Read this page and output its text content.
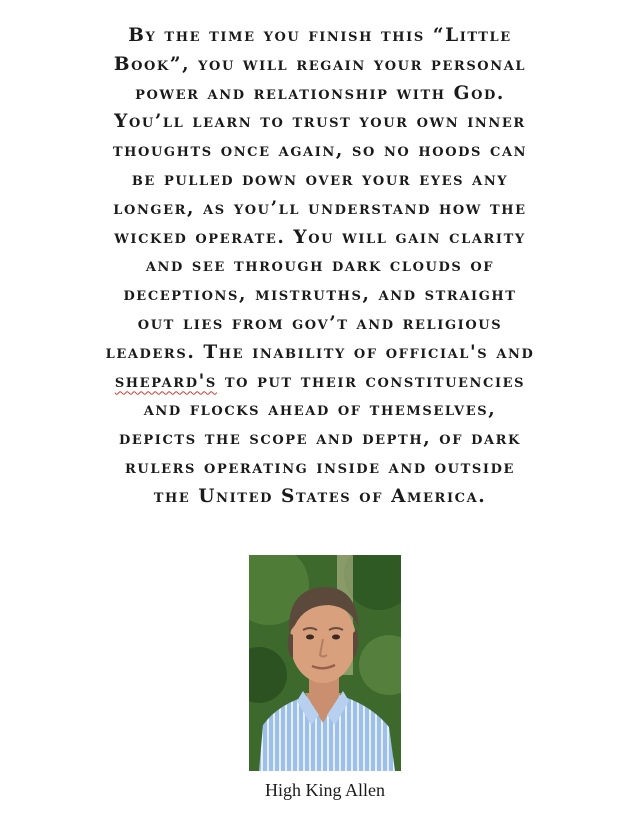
By the time you finish this “Little
Book”, you will regain your personal
power and relationship with God.
You’ll learn to trust your own inner
thoughts once again, so no hoods can
be pulled down over your eyes any
longer, as you’ll understand how the
wicked operate. You will gain clarity
and see through dark clouds of
deceptions, mistruths, and straight
out lies from gov’t and religious
leaders. The inability of official's and
shepard's to put their constituencies
and flocks ahead of themselves,
depicts the scope and depth, of dark
rulers operating inside and outside
the United States of America.

High King Allen
